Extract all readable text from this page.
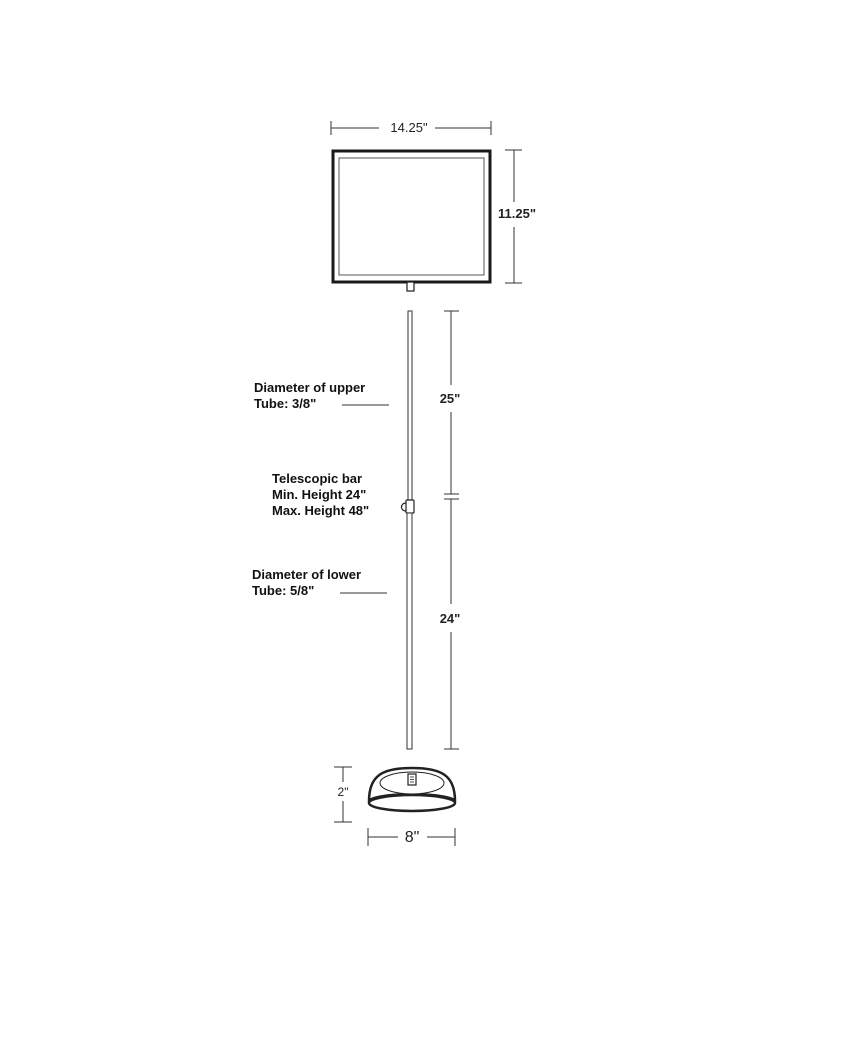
14.25"
11.25"
25"
24"
Diameter of upper
Tube: 3/8"
Telescopic bar
Min. Height 24"
Max. Height 48"
Diameter of lower
Tube: 5/8"
2"
8"
